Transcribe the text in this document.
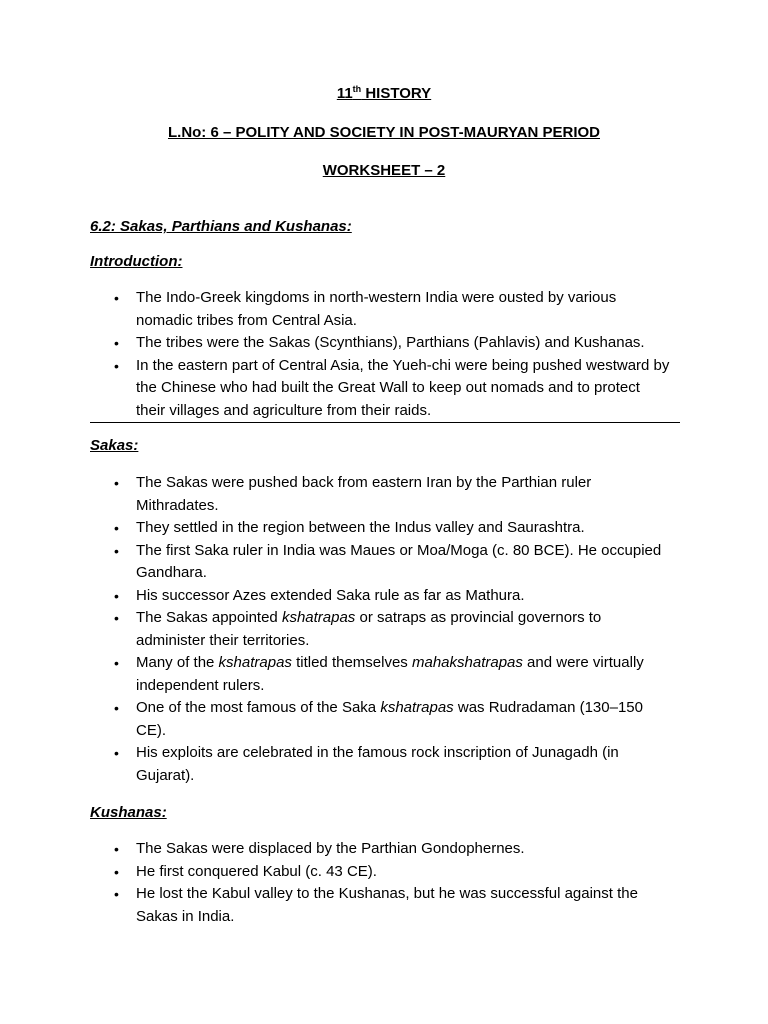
11th HISTORY
L.No: 6 – POLITY AND SOCIETY IN POST-MAURYAN PERIOD
WORKSHEET – 2
6.2: Sakas, Parthians and Kushanas:
Introduction:
• The Indo-Greek kingdoms in north-western India were ousted by various nomadic tribes from Central Asia.
• The tribes were the Sakas (Scynthians), Parthians (Pahlavis) and Kushanas.
• In the eastern part of Central Asia, the Yueh-chi were being pushed westward by the Chinese who had built the Great Wall to keep out nomads and to protect their villages and agriculture from their raids.
Sakas:
• The Sakas were pushed back from eastern Iran by the Parthian ruler Mithradates.
• They settled in the region between the Indus valley and Saurashtra.
• The first Saka ruler in India was Maues or Moa/Moga (c. 80 BCE). He occupied Gandhara.
• His successor Azes extended Saka rule as far as Mathura.
• The Sakas appointed kshatrapas or satraps as provincial governors to administer their territories.
• Many of the kshatrapas titled themselves mahakshatrapas and were virtually independent rulers.
• One of the most famous of the Saka kshatrapas was Rudradaman (130–150 CE).
• His exploits are celebrated in the famous rock inscription of Junagadh (in Gujarat).
Kushanas:
• The Sakas were displaced by the Parthian Gondophernes.
• He first conquered Kabul (c. 43 CE).
• He lost the Kabul valley to the Kushanas, but he was successful against the Sakas in India.
